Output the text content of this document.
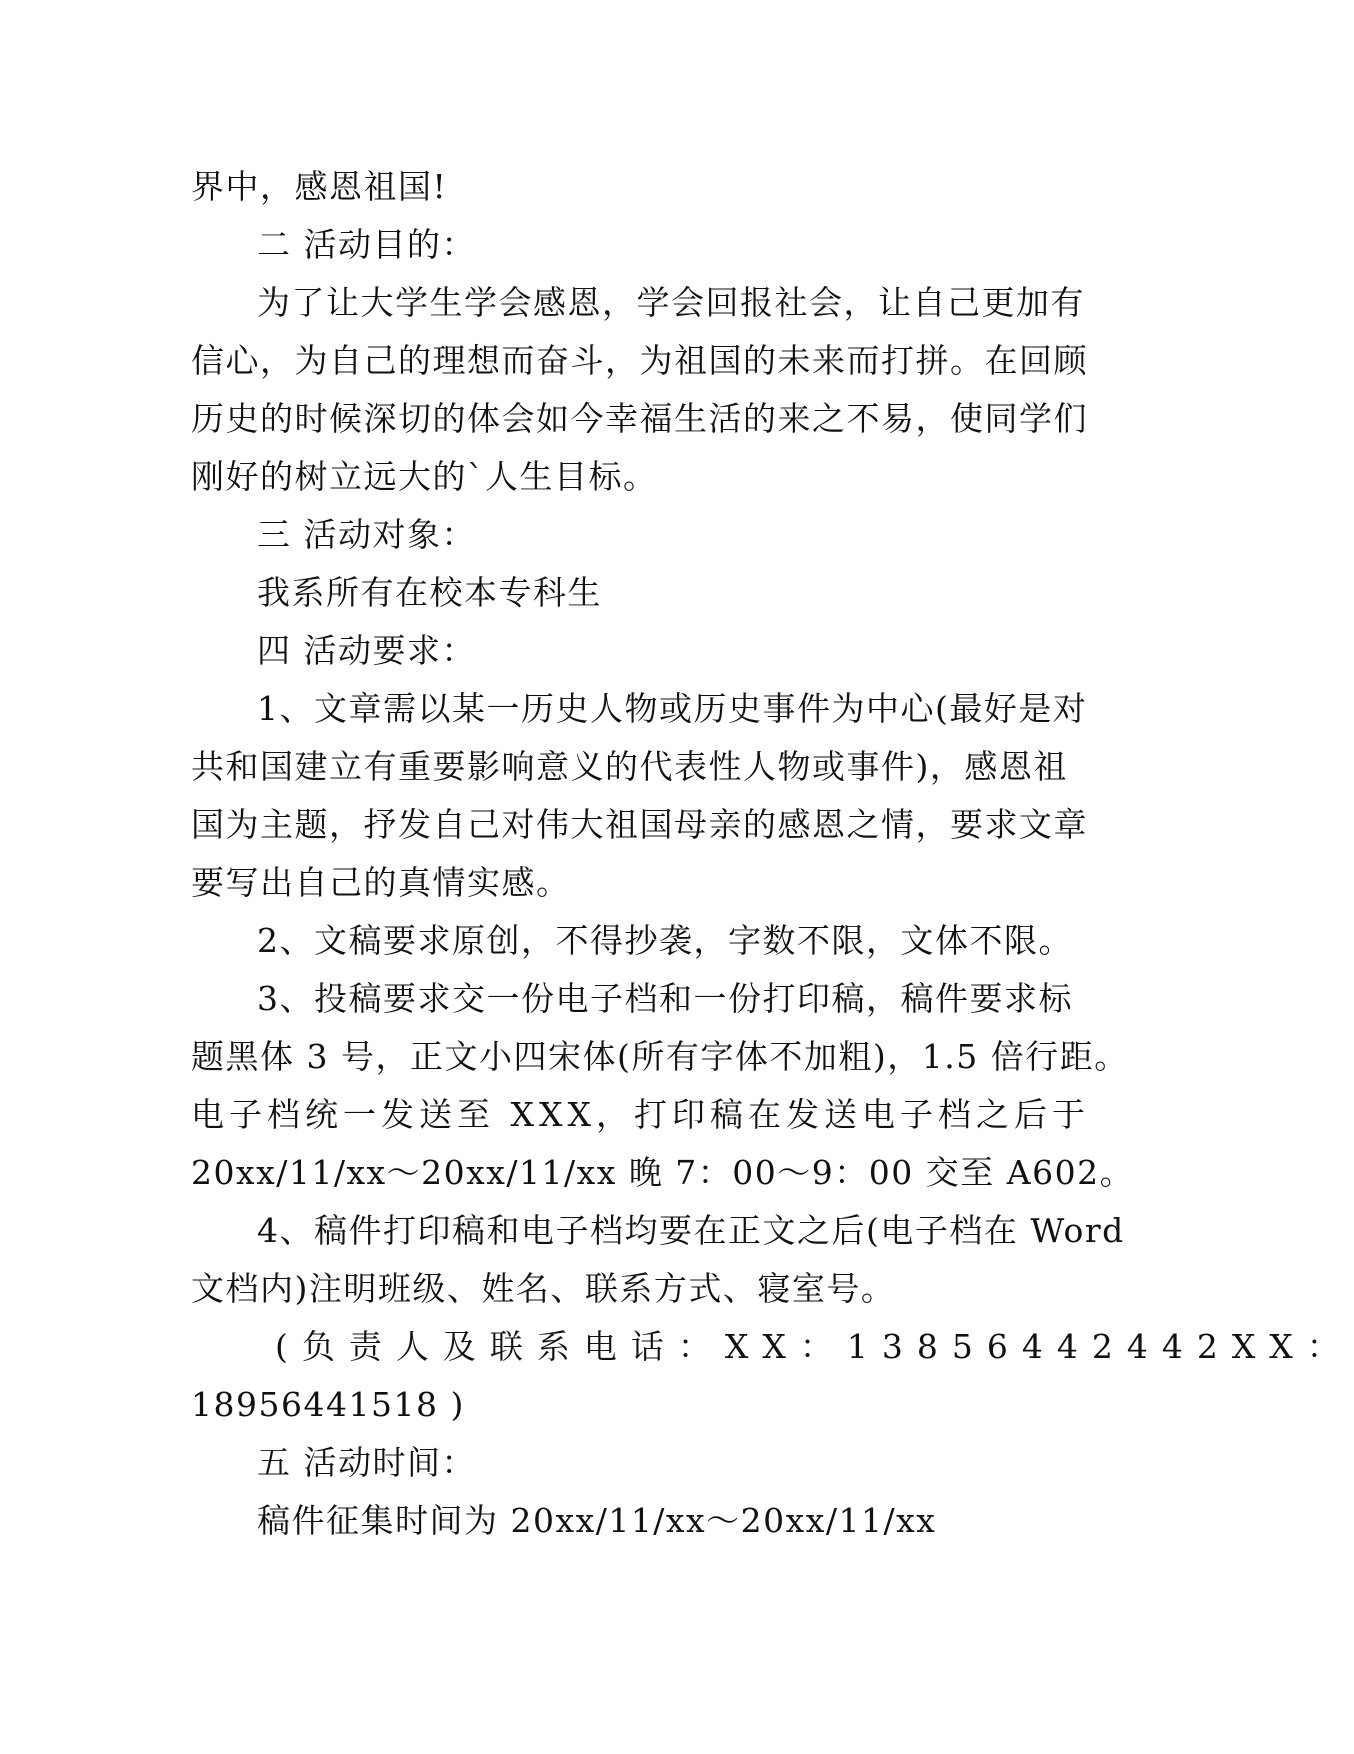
界中，感恩祖国!
二 活动目的：
为了让大学生学会感恩，学会回报社会，让自己更加有
信心，为自己的理想而奋斗，为祖国的未来而打拼。在回顾
历史的时候深切的体会如今幸福生活的来之不易，使同学们
刚好的树立远大的`人生目标。
三 活动对象：
我系所有在校本专科生
四 活动要求：
1、文章需以某一历史人物或历史事件为中心(最好是对
共和国建立有重要影响意义的代表性人物或事件)，感恩祖
国为主题，抒发自己对伟大祖国母亲的感恩之情，要求文章
要写出自己的真情实感。
2、文稿要求原创，不得抄袭，字数不限，文体不限。
3、投稿要求交一份电子档和一份打印稿，稿件要求标
题黑体 3 号，正文小四宋体(所有字体不加粗)，1.5 倍行距。
电子档统一发送至 XXX，打印稿在发送电子档之后于
20xx/11/xx～20xx/11/xx 晚 7：00～9：00 交至 A602。
4、稿件打印稿和电子档均要在正文之后(电子档在 Word
文档内)注明班级、姓名、联系方式、寝室号。
(负责人及联系电话：XX：13856442442XX：
18956441518 )
五 活动时间：
稿件征集时间为 20xx/11/xx～20xx/11/xx
